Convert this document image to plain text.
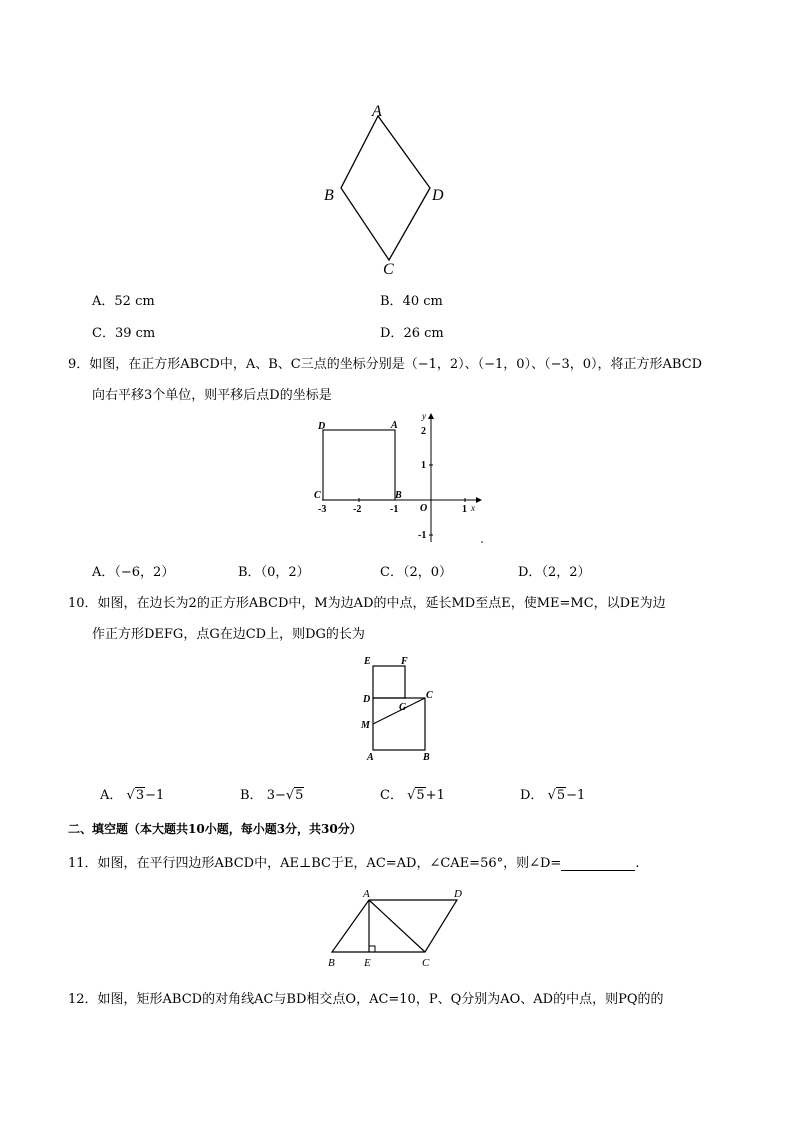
A
B	D
C
A．52 cm	B．40 cm
C．39 cm	D．26 cm
9．如图，在正方形ABCD中，A、B、C三点的坐标分别是（−1，2）、（−1，0）、（−3，0），将正方形ABCD
向右平移3个单位，则平移后点D的坐标是
D	A
C	B
O	x
y
-3	-2	-1	1
2
1
-1
A．（−6，2）	B．（0，2）	C．（2，0）	D．（2，2）
10．如图，在边长为2的正方形ABCD中，M为边AD的中点，延长MD至点E，使ME=MC，以DE为边
作正方形DEFG，点G在边CD上，则DG的长为
E	F
D
G
C
M
A	B
A． √3−1	B． 3−√5	C． √5+1	D． √5−1
二、填空题（本大题共10小题，每小题3分，共30分）
11．如图，在平行四边形ABCD中，AE⊥BC于E，AC=AD，∠CAE=56°，则∠D=	.
A	D
B	E	C
12．如图，矩形ABCD的对角线AC与BD相交点O，AC=10，P、Q分别为AO、AD的中点，则PQ的的
